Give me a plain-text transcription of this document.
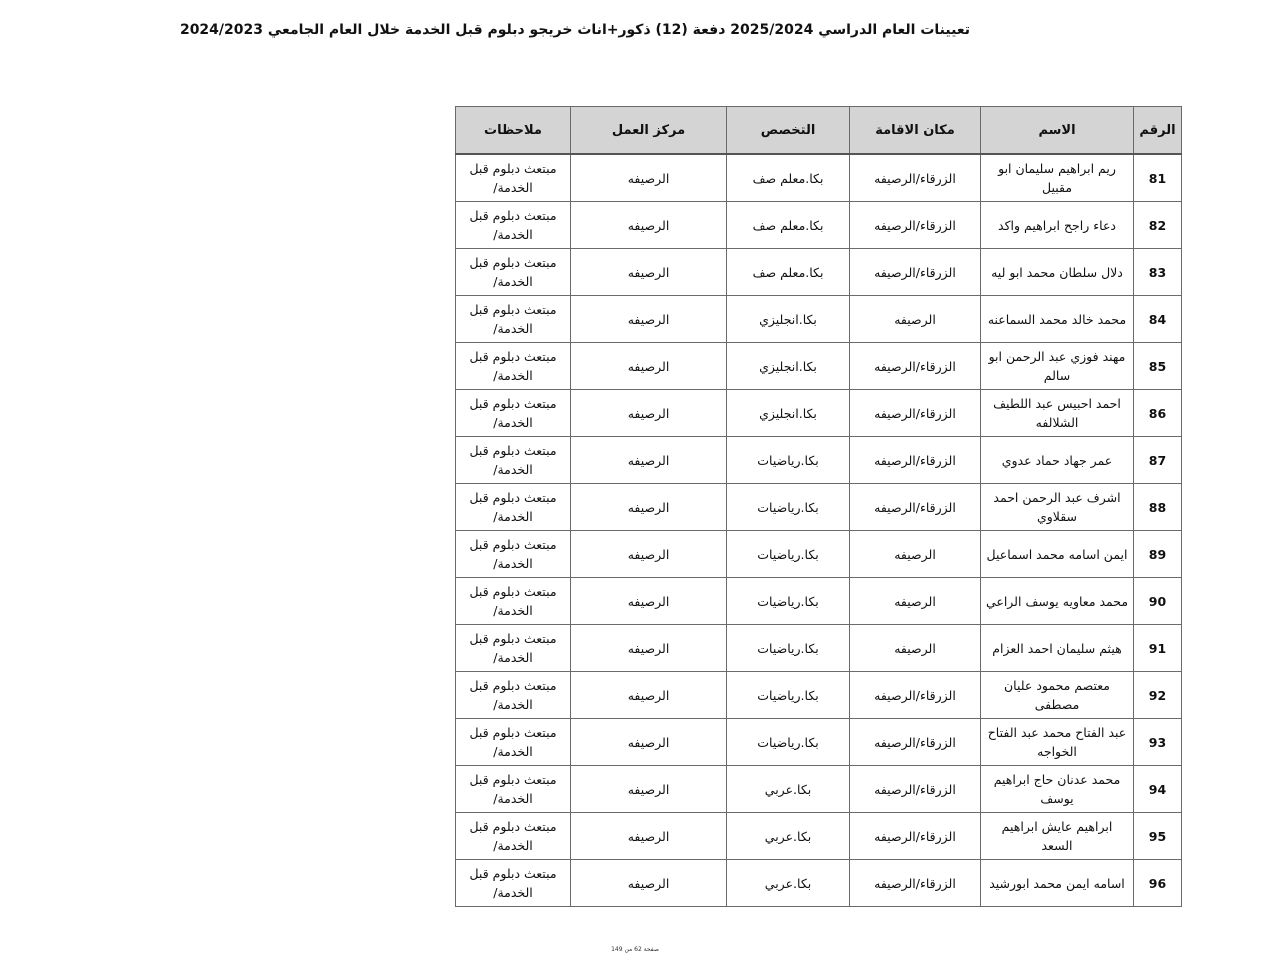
تعيينات العام الدراسي 2025/2024 دفعة (12) ذكور+اناث خريجو دبلوم قبل الخدمة خلال العام الجامعي 2024/2023
الرقم	الاسم	مكان الاقامة	التخصص	مركز العمل	ملاحظات
81	ريم ابراهيم سليمان ابو مقبيل	الزرقاء/الرصيفه	بكا.معلم صف	الرصيفه	مبتعث دبلوم قبل الخدمة/
82	دعاء راجح ابراهيم واكد	الزرقاء/الرصيفه	بكا.معلم صف	الرصيفه	مبتعث دبلوم قبل الخدمة/
83	دلال سلطان محمد ابو ليه	الزرقاء/الرصيفه	بكا.معلم صف	الرصيفه	مبتعث دبلوم قبل الخدمة/
84	محمد خالد محمد السماعنه	الرصيفه	بكا.انجليزي	الرصيفه	مبتعث دبلوم قبل الخدمة/
85	مهند فوزي عبد الرحمن ابو سالم	الزرقاء/الرصيفه	بكا.انجليزي	الرصيفه	مبتعث دبلوم قبل الخدمة/
86	احمد احبيس عبد اللطيف الشلالفه	الزرقاء/الرصيفه	بكا.انجليزي	الرصيفه	مبتعث دبلوم قبل الخدمة/
87	عمر جهاد حماد عدوي	الزرقاء/الرصيفه	بكا.رياضيات	الرصيفه	مبتعث دبلوم قبل الخدمة/
88	اشرف عبد الرحمن احمد سقلاوي	الزرقاء/الرصيفه	بكا.رياضيات	الرصيفه	مبتعث دبلوم قبل الخدمة/
89	ايمن اسامه محمد اسماعيل	الرصيفه	بكا.رياضيات	الرصيفه	مبتعث دبلوم قبل الخدمة/
90	محمد معاويه يوسف الراعي	الرصيفه	بكا.رياضيات	الرصيفه	مبتعث دبلوم قبل الخدمة/
91	هيثم سليمان احمد العزام	الرصيفه	بكا.رياضيات	الرصيفه	مبتعث دبلوم قبل الخدمة/
92	معتصم محمود عليان مصطفى	الزرقاء/الرصيفه	بكا.رياضيات	الرصيفه	مبتعث دبلوم قبل الخدمة/
93	عبد الفتاح محمد عبد الفتاح الخواجه	الزرقاء/الرصيفه	بكا.رياضيات	الرصيفه	مبتعث دبلوم قبل الخدمة/
94	محمد عدنان حاج ابراهيم يوسف	الزرقاء/الرصيفه	بكا.عربي	الرصيفه	مبتعث دبلوم قبل الخدمة/
95	ابراهيم عايش ابراهيم السعد	الزرقاء/الرصيفه	بكا.عربي	الرصيفه	مبتعث دبلوم قبل الخدمة/
96	اسامه ايمن محمد ابورشيد	الزرقاء/الرصيفه	بكا.عربي	الرصيفه	مبتعث دبلوم قبل الخدمة/
صفحة 62 من 149
